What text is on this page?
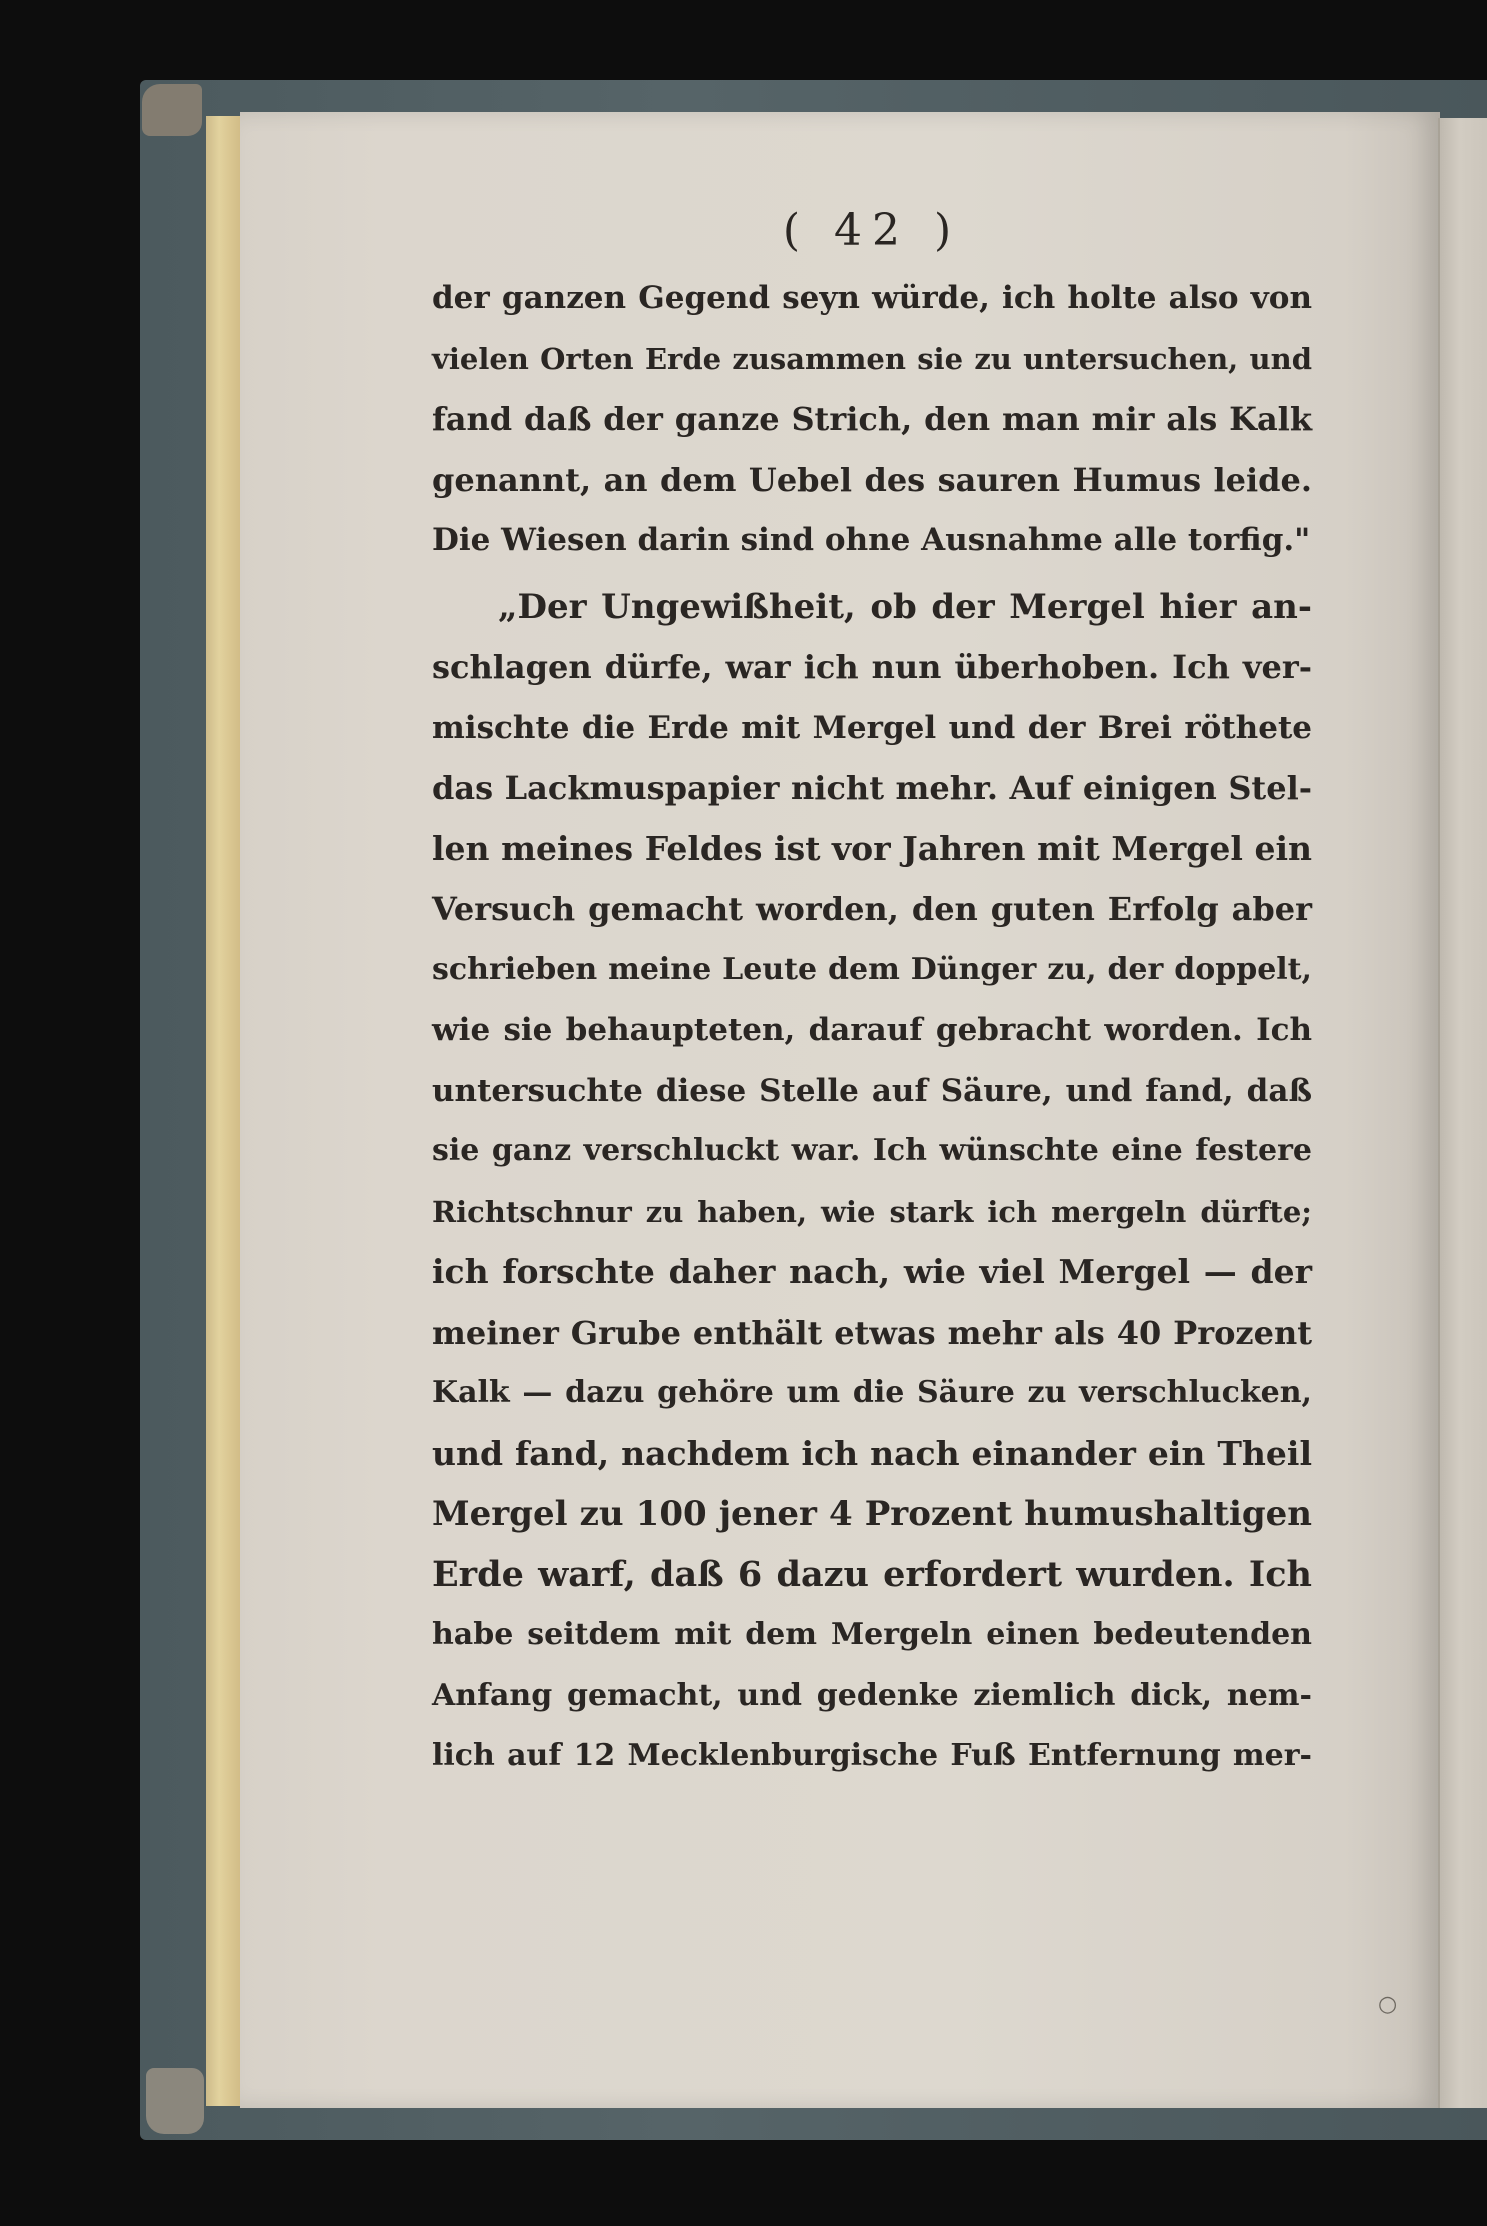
( 42 )
der ganzen Gegend seyn würde, ich holte also von
vielen Orten Erde zusammen sie zu untersuchen, und
fand daß der ganze Strich, den man mir als Kalk
genannt, an dem Uebel des sauren Humus leide.
Die Wiesen darin sind ohne Ausnahme alle torfig."
„Der Ungewißheit, ob der Mergel hier an-
schlagen dürfe, war ich nun überhoben. Ich ver-
mischte die Erde mit Mergel und der Brei röthete
das Lackmuspapier nicht mehr. Auf einigen Stel-
len meines Feldes ist vor Jahren mit Mergel ein
Versuch gemacht worden, den guten Erfolg aber
schrieben meine Leute dem Dünger zu, der doppelt,
wie sie behaupteten, darauf gebracht worden. Ich
untersuchte diese Stelle auf Säure, und fand, daß
sie ganz verschluckt war. Ich wünschte eine festere
Richtschnur zu haben, wie stark ich mergeln dürfte;
ich forschte daher nach, wie viel Mergel — der
meiner Grube enthält etwas mehr als 40 Prozent
Kalk — dazu gehöre um die Säure zu verschlucken,
und fand, nachdem ich nach einander ein Theil
Mergel zu 100 jener 4 Prozent humushaltigen
Erde warf, daß 6 dazu erfordert wurden. Ich
habe seitdem mit dem Mergeln einen bedeutenden
Anfang gemacht, und gedenke ziemlich dick, nem-
lich auf 12 Mecklenburgische Fuß Entfernung mer-
○
